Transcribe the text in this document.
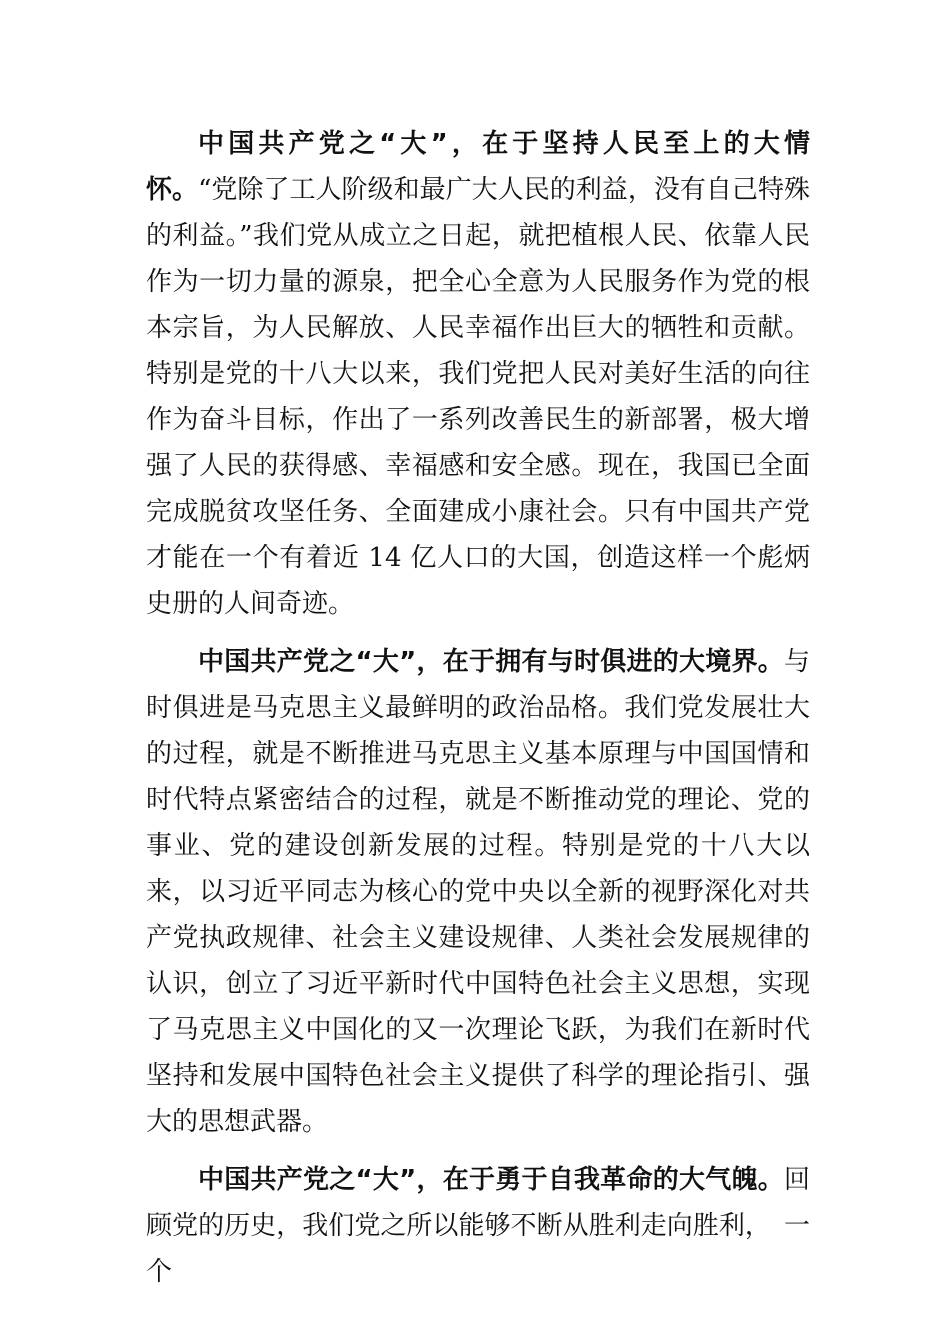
中国共产党之“大”，在于坚持人民至上的大情怀。“党除了工人阶级和最广大人民的利益，没有自己特殊的利益。”我们党从成立之日起，就把植根人民、依靠人民作为一切力量的源泉，把全心全意为人民服务作为党的根本宗旨，为人民解放、人民幸福作出巨大的牺牲和贡献。特别是党的十八大以来，我们党把人民对美好生活的向往作为奋斗目标，作出了一系列改善民生的新部署，极大增强了人民的获得感、幸福感和安全感。现在，我国已全面完成脱贫攻坚任务、全面建成小康社会。只有中国共产党才能在一个有着近 14 亿人口的大国，创造这样一个彪炳史册的人间奇迹。

中国共产党之“大”，在于拥有与时俱进的大境界。与时俱进是马克思主义最鲜明的政治品格。我们党发展壮大的过程，就是不断推进马克思主义基本原理与中国国情和时代特点紧密结合的过程，就是不断推动党的理论、党的事业、党的建设创新发展的过程。特别是党的十八大以来，以习近平同志为核心的党中央以全新的视野深化对共产党执政规律、社会主义建设规律、人类社会发展规律的认识，创立了习近平新时代中国特色社会主义思想，实现了马克思主义中国化的又一次理论飞跃，为我们在新时代坚持和发展中国特色社会主义提供了科学的理论指引、强大的思想武器。

中国共产党之“大”，在于勇于自我革命的大气魄。回顾党的历史，我们党之所以能够不断从胜利走向胜利，　一个
